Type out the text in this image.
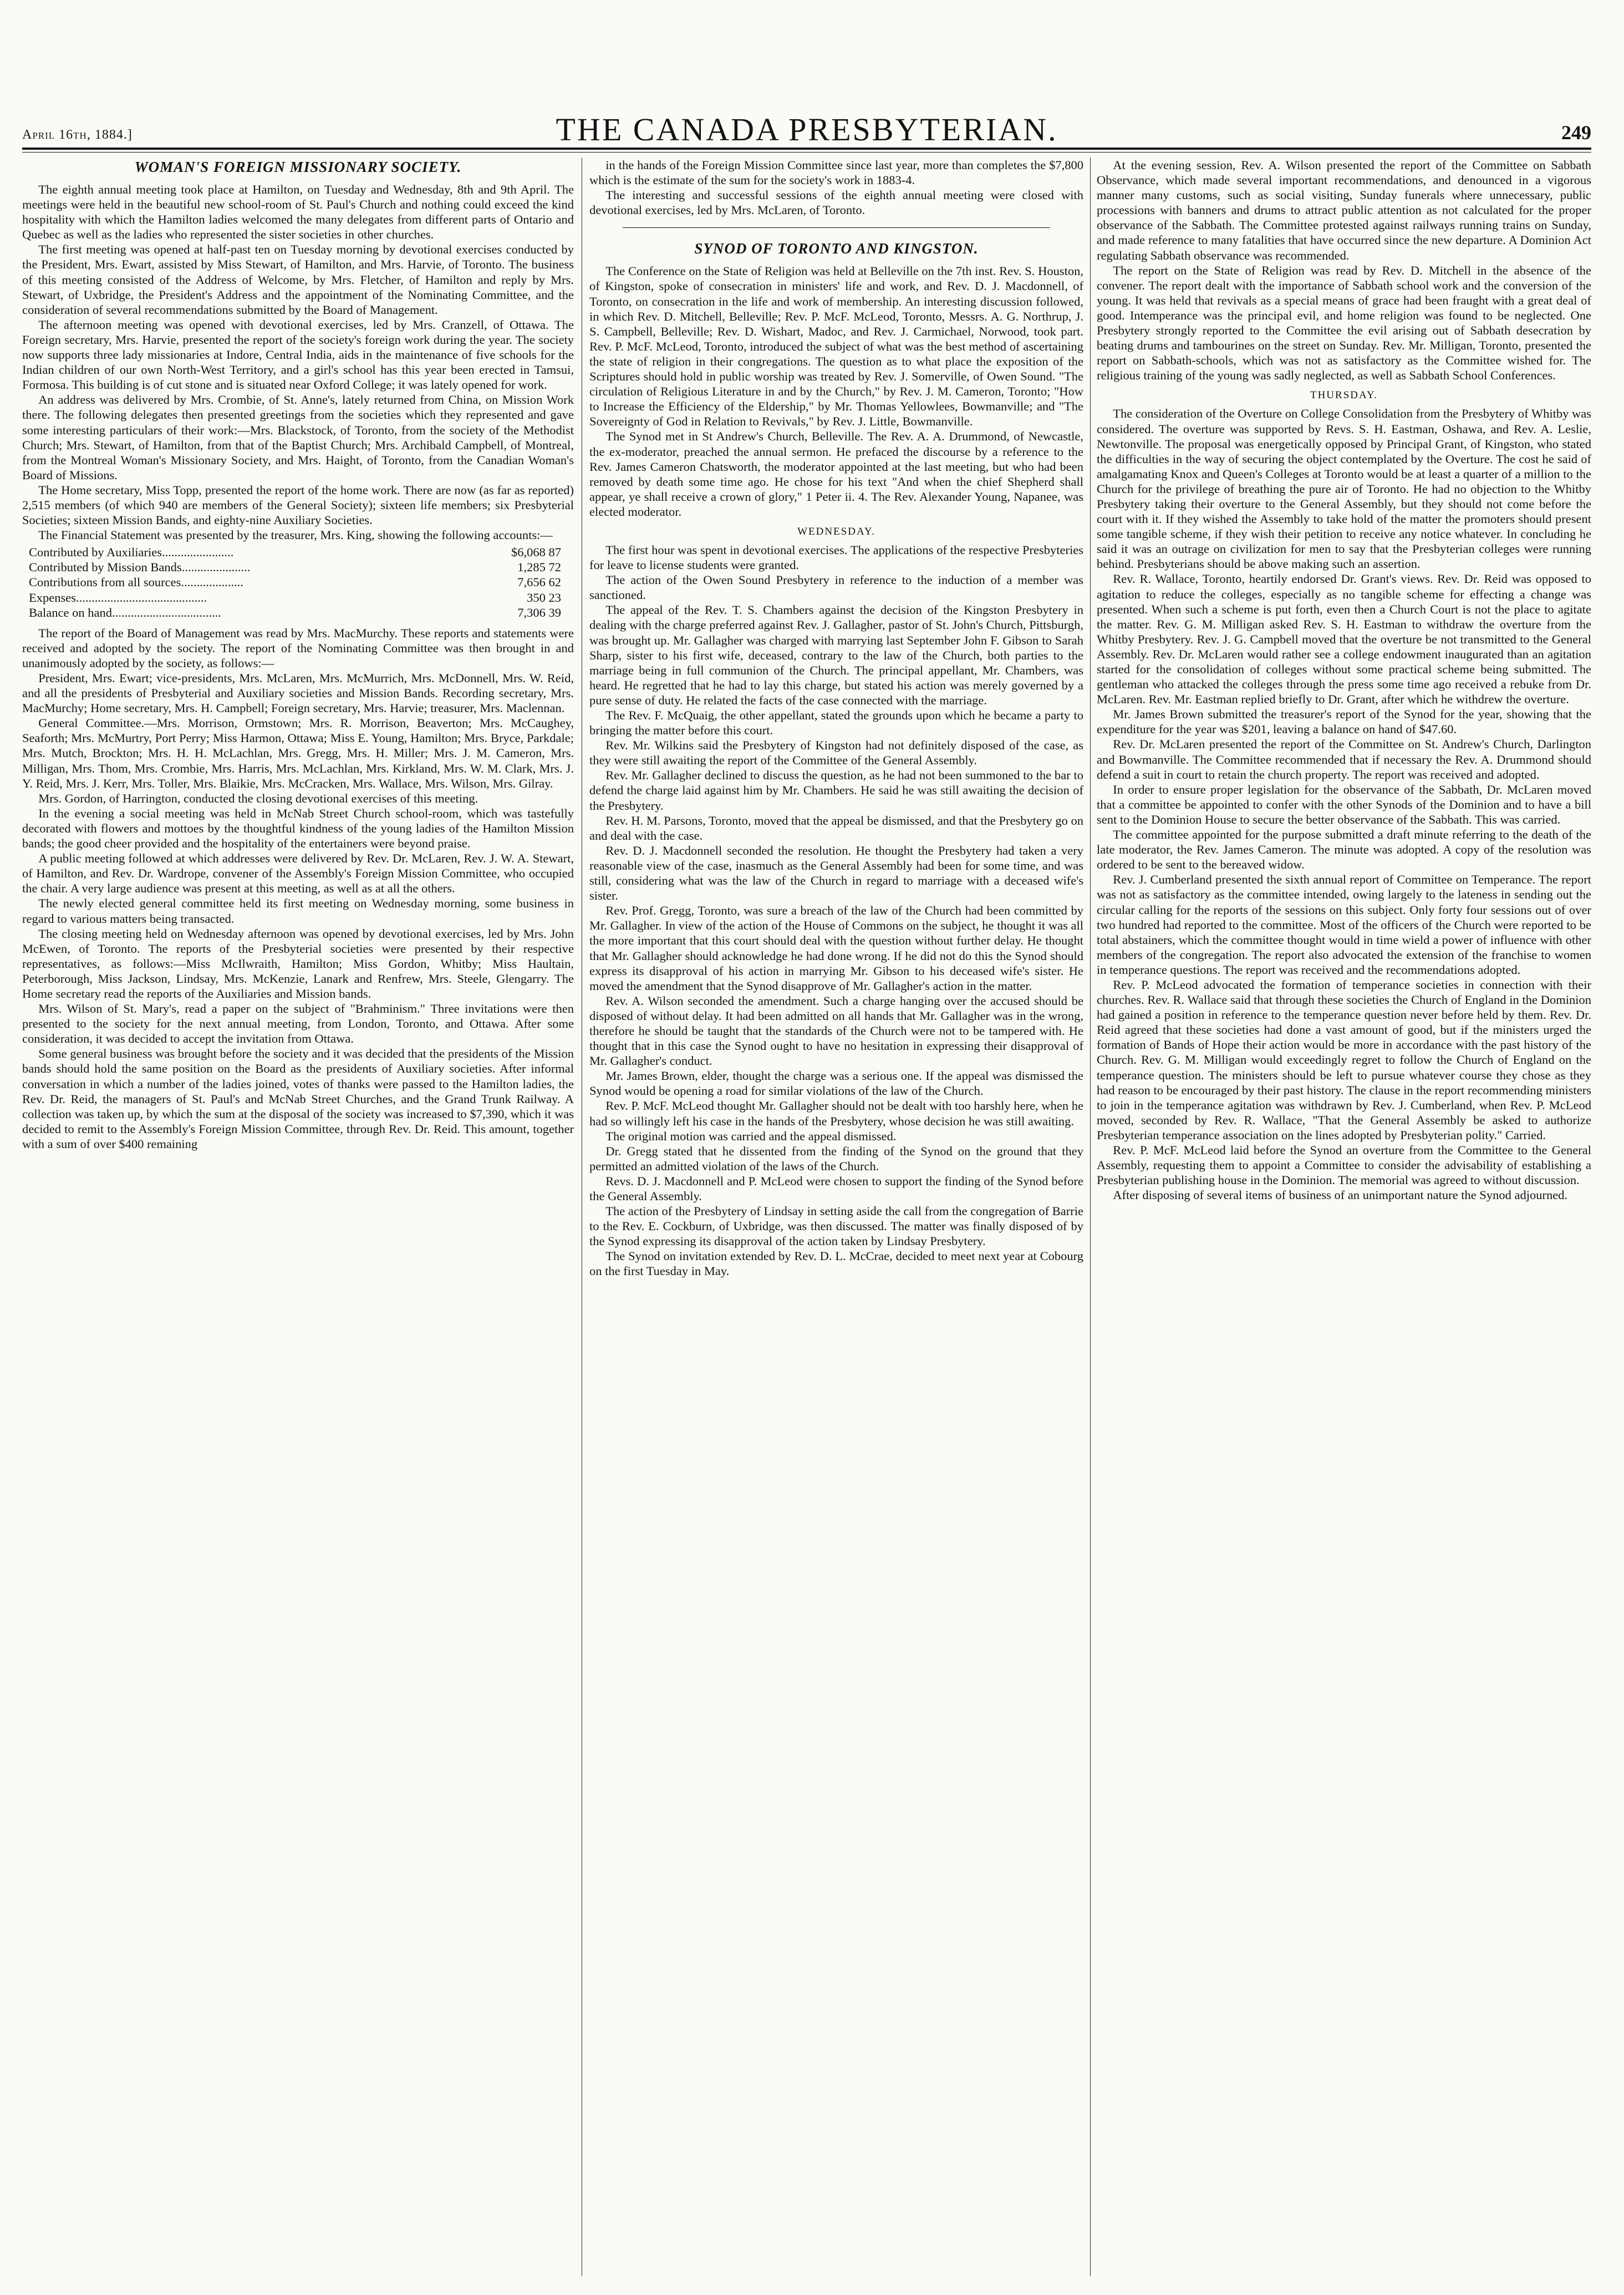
April 16th, 1884.]	THE CANADA PRESBYTERIAN.	249
WOMAN'S FOREIGN MISSIONARY SOCIETY.

The eighth annual meeting took place at Hamilton, on Tuesday and Wednesday, 8th and 9th April. The meetings were held in the beautiful new school-room of St. Paul's Church and nothing could exceed the kind hospitality with which the Hamilton ladies welcomed the many delegates from different parts of Ontario and Quebec as well as the ladies who represented the sister societies in other churches.

The first meeting was opened at half-past ten on Tuesday morning by devotional exercises conducted by the President, Mrs. Ewart, assisted by Miss Stewart, of Hamilton, and Mrs. Harvie, of Toronto. The business of this meeting consisted of the Address of Welcome, by Mrs. Fletcher, of Hamilton and reply by Mrs. Stewart, of Uxbridge, the President's Address and the appointment of the Nominating Committee, and the consideration of several recommendations submitted by the Board of Management.

The afternoon meeting was opened with devotional exercises, led by Mrs. Cranzell, of Ottawa. The Foreign secretary, Mrs. Harvie, presented the report of the society's foreign work during the year. The society now supports three lady missionaries at Indore, Central India, aids in the maintenance of five schools for the Indian children of our own North-West Territory, and a girl's school has this year been erected in Tamsui, Formosa. This building is of cut stone and is situated near Oxford College; it was lately opened for work.

An address was delivered by Mrs. Crombie, of St. Anne's, lately returned from China, on Mission Work there. The following delegates then presented greetings from the societies which they represented and gave some interesting particulars of their work:—Mrs. Blackstock, of Toronto, from the society of the Methodist Church; Mrs. Stewart, of Hamilton, from that of the Baptist Church; Mrs. Archibald Campbell, of Montreal, from the Montreal Woman's Missionary Society, and Mrs. Haight, of Toronto, from the Canadian Woman's Board of Missions.

The Home secretary, Miss Topp, presented the report of the home work. There are now (as far as reported) 2,515 members (of which 940 are members of the General Society); sixteen life members; six Presbyterial Societies; sixteen Mission Bands, and eighty-nine Auxiliary Societies.

The Financial Statement was presented by the treasurer, Mrs. King, showing the following accounts:—

Contributed by Auxiliaries.......................	$6,068 87
Contributed by Mission Bands......................	1,285 72
Contributions from all sources....................	7,656 62
Expenses..........................................	350 23
Balance on hand...................................	7,306 39

The report of the Board of Management was read by Mrs. MacMurchy. These reports and statements were received and adopted by the society. The report of the Nominating Committee was then brought in and unanimously adopted by the society, as follows:—

President, Mrs. Ewart; vice-presidents, Mrs. McLaren, Mrs. McMurrich, Mrs. McDonnell, Mrs. W. Reid, and all the presidents of Presbyterial and Auxiliary societies and Mission Bands. Recording secretary, Mrs. MacMurchy; Home secretary, Mrs. H. Campbell; Foreign secretary, Mrs. Harvie; treasurer, Mrs. Maclennan.

General Committee.—Mrs. Morrison, Ormstown; Mrs. R. Morrison, Beaverton; Mrs. McCaughey, Seaforth; Mrs. McMurtry, Port Perry; Miss Harmon, Ottawa; Miss E. Young, Hamilton; Mrs. Bryce, Parkdale; Mrs. Mutch, Brockton; Mrs. H. H. McLachlan, Mrs. Gregg, Mrs. H. Miller; Mrs. J. M. Cameron, Mrs. Milligan, Mrs. Thom, Mrs. Crombie, Mrs. Harris, Mrs. McLachlan, Mrs. Kirkland, Mrs. W. M. Clark, Mrs. J. Y. Reid, Mrs. J. Kerr, Mrs. Toller, Mrs. Blaikie, Mrs. McCracken, Mrs. Wallace, Mrs. Wilson, Mrs. Gilray.

Mrs. Gordon, of Harrington, conducted the closing devotional exercises of this meeting.

In the evening a social meeting was held in McNab Street Church school-room, which was tastefully decorated with flowers and mottoes by the thoughtful kindness of the young ladies of the Hamilton Mission bands; the good cheer provided and the hospitality of the entertainers were beyond praise.

A public meeting followed at which addresses were delivered by Rev. Dr. McLaren, Rev. J. W. A. Stewart, of Hamilton, and Rev. Dr. Wardrope, convener of the Assembly's Foreign Mission Committee, who occupied the chair. A very large audience was present at this meeting, as well as at all the others.

The newly elected general committee held its first meeting on Wednesday morning, some business in regard to various matters being transacted.

The closing meeting held on Wednesday afternoon was opened by devotional exercises, led by Mrs. John McEwen, of Toronto. The reports of the Presbyterial societies were presented by their respective representatives, as follows:—Miss McIlwraith, Hamilton; Miss Gordon, Whitby; Miss Haultain, Peterborough, Miss Jackson, Lindsay, Mrs. McKenzie, Lanark and Renfrew, Mrs. Steele, Glengarry. The Home secretary read the reports of the Auxiliaries and Mission bands.

Mrs. Wilson of St. Mary's, read a paper on the subject of "Brahminism." Three invitations were then presented to the society for the next annual meeting, from London, Toronto, and Ottawa. After some consideration, it was decided to accept the invitation from Ottawa.

Some general business was brought before the society and it was decided that the presidents of the Mission bands should hold the same position on the Board as the presidents of Auxiliary societies. After informal conversation in which a number of the ladies joined, votes of thanks were passed to the Hamilton ladies, the Rev. Dr. Reid, the managers of St. Paul's and McNab Street Churches, and the Grand Trunk Railway. A collection was taken up, by which the sum at the disposal of the society was increased to $7,390, which it was decided to remit to the Assembly's Foreign Mission Committee, through Rev. Dr. Reid. This amount, together with a sum of over $400 remaining

in the hands of the Foreign Mission Committee since last year, more than completes the $7,800 which is the estimate of the sum for the society's work in 1883-4.

The interesting and successful sessions of the eighth annual meeting were closed with devotional exercises, led by Mrs. McLaren, of Toronto.

SYNOD OF TORONTO AND KINGSTON.

The Conference on the State of Religion was held at Belleville on the 7th inst. Rev. S. Houston, of Kingston, spoke of consecration in ministers' life and work, and Rev. D. J. Macdonnell, of Toronto, on consecration in the life and work of membership. An interesting discussion followed, in which Rev. D. Mitchell, Belleville; Rev. P. McF. McLeod, Toronto, Messrs. A. G. Northrup, J. S. Campbell, Belleville; Rev. D. Wishart, Madoc, and Rev. J. Carmichael, Norwood, took part. Rev. P. McF. McLeod, Toronto, introduced the subject of what was the best method of ascertaining the state of religion in their congregations. The question as to what place the exposition of the Scriptures should hold in public worship was treated by Rev. J. Somerville, of Owen Sound. "The circulation of Religious Literature in and by the Church," by Rev. J. M. Cameron, Toronto; "How to Increase the Efficiency of the Eldership," by Mr. Thomas Yellowlees, Bowmanville; and "The Sovereignty of God in Relation to Revivals," by Rev. J. Little, Bowmanville.

The Synod met in St Andrew's Church, Belleville. The Rev. A. A. Drummond, of Newcastle, the ex-moderator, preached the annual sermon. He prefaced the discourse by a reference to the Rev. James Cameron Chatsworth, the moderator appointed at the last meeting, but who had been removed by death some time ago. He chose for his text "And when the chief Shepherd shall appear, ye shall receive a crown of glory," 1 Peter ii. 4. The Rev. Alexander Young, Napanee, was elected moderator.

WEDNESDAY.

The first hour was spent in devotional exercises. The applications of the respective Presbyteries for leave to license students were granted.

The action of the Owen Sound Presbytery in reference to the induction of a member was sanctioned.

The appeal of the Rev. T. S. Chambers against the decision of the Kingston Presbytery in dealing with the charge preferred against Rev. J. Gallagher, pastor of St. John's Church, Pittsburgh, was brought up. Mr. Gallagher was charged with marrying last September John F. Gibson to Sarah Sharp, sister to his first wife, deceased, contrary to the law of the Church, both parties to the marriage being in full communion of the Church. The principal appellant, Mr. Chambers, was heard. He regretted that he had to lay this charge, but stated his action was merely governed by a pure sense of duty. He related the facts of the case connected with the marriage.

The Rev. F. McQuaig, the other appellant, stated the grounds upon which he became a party to bringing the matter before this court.

Rev. Mr. Wilkins said the Presbytery of Kingston had not definitely disposed of the case, as they were still awaiting the report of the Committee of the General Assembly.

Rev. Mr. Gallagher declined to discuss the question, as he had not been summoned to the bar to defend the charge laid against him by Mr. Chambers. He said he was still awaiting the decision of the Presbytery.

Rev. H. M. Parsons, Toronto, moved that the appeal be dismissed, and that the Presbytery go on and deal with the case.

Rev. D. J. Macdonnell seconded the resolution. He thought the Presbytery had taken a very reasonable view of the case, inasmuch as the General Assembly had been for some time, and was still, considering what was the law of the Church in regard to marriage with a deceased wife's sister.

Rev. Prof. Gregg, Toronto, was sure a breach of the law of the Church had been committed by Mr. Gallagher. In view of the action of the House of Commons on the subject, he thought it was all the more important that this court should deal with the question without further delay. He thought that Mr. Gallagher should acknowledge he had done wrong. If he did not do this the Synod should express its disapproval of his action in marrying Mr. Gibson to his deceased wife's sister. He moved the amendment that the Synod disapprove of Mr. Gallagher's action in the matter.

Rev. A. Wilson seconded the amendment. Such a charge hanging over the accused should be disposed of without delay. It had been admitted on all hands that Mr. Gallagher was in the wrong, therefore he should be taught that the standards of the Church were not to be tampered with. He thought that in this case the Synod ought to have no hesitation in expressing their disapproval of Mr. Gallagher's conduct.

Mr. James Brown, elder, thought the charge was a serious one. If the appeal was dismissed the Synod would be opening a road for similar violations of the law of the Church.

Rev. P. McF. McLeod thought Mr. Gallagher should not be dealt with too harshly here, when he had so willingly left his case in the hands of the Presbytery, whose decision he was still awaiting.

The original motion was carried and the appeal dismissed.

Dr. Gregg stated that he dissented from the finding of the Synod on the ground that they permitted an admitted violation of the laws of the Church.

Revs. D. J. Macdonnell and P. McLeod were chosen to support the finding of the Synod before the General Assembly.

The action of the Presbytery of Lindsay in setting aside the call from the congregation of Barrie to the Rev. E. Cockburn, of Uxbridge, was then discussed. The matter was finally disposed of by the Synod expressing its disapproval of the action taken by Lindsay Presbytery.

The Synod on invitation extended by Rev. D. L. McCrae, decided to meet next year at Cobourg on the first Tuesday in May.

At the evening session, Rev. A. Wilson presented the report of the Committee on Sabbath Observance, which made several important recommendations, and denounced in a vigorous manner many customs, such as social visiting, Sunday funerals where unnecessary, public processions with banners and drums to attract public attention as not calculated for the proper observance of the Sabbath. The Committee protested against railways running trains on Sunday, and made reference to many fatalities that have occurred since the new departure. A Dominion Act regulating Sabbath observance was recommended.

The report on the State of Religion was read by Rev. D. Mitchell in the absence of the convener. The report dealt with the importance of Sabbath school work and the conversion of the young. It was held that revivals as a special means of grace had been fraught with a great deal of good. Intemperance was the principal evil, and home religion was found to be neglected. One Presbytery strongly reported to the Committee the evil arising out of Sabbath desecration by beating drums and tambourines on the street on Sunday. Rev. Mr. Milligan, Toronto, presented the report on Sabbath-schools, which was not as satisfactory as the Committee wished for. The religious training of the young was sadly neglected, as well as Sabbath School Conferences.

THURSDAY.

The consideration of the Overture on College Consolidation from the Presbytery of Whitby was considered. The overture was supported by Revs. S. H. Eastman, Oshawa, and Rev. A. Leslie, Newtonville. The proposal was energetically opposed by Principal Grant, of Kingston, who stated the difficulties in the way of securing the object contemplated by the Overture. The cost he said of amalgamating Knox and Queen's Colleges at Toronto would be at least a quarter of a million to the Church for the privilege of breathing the pure air of Toronto. He had no objection to the Whitby Presbytery taking their overture to the General Assembly, but they should not come before the court with it. If they wished the Assembly to take hold of the matter the promoters should present some tangible scheme, if they wish their petition to receive any notice whatever. In concluding he said it was an outrage on civilization for men to say that the Presbyterian colleges were running behind. Presbyterians should be above making such an assertion.

Rev. R. Wallace, Toronto, heartily endorsed Dr. Grant's views. Rev. Dr. Reid was opposed to agitation to reduce the colleges, especially as no tangible scheme for effecting a change was presented. When such a scheme is put forth, even then a Church Court is not the place to agitate the matter. Rev. G. M. Milligan asked Rev. S. H. Eastman to withdraw the overture from the Whitby Presbytery. Rev. J. G. Campbell moved that the overture be not transmitted to the General Assembly. Rev. Dr. McLaren would rather see a college endowment inaugurated than an agitation started for the consolidation of colleges without some practical scheme being submitted. The gentleman who attacked the colleges through the press some time ago received a rebuke from Dr. McLaren. Rev. Mr. Eastman replied briefly to Dr. Grant, after which he withdrew the overture.

Mr. James Brown submitted the treasurer's report of the Synod for the year, showing that the expenditure for the year was $201, leaving a balance on hand of $47.60.

Rev. Dr. McLaren presented the report of the Committee on St. Andrew's Church, Darlington and Bowmanville. The Committee recommended that if necessary the Rev. A. Drummond should defend a suit in court to retain the church property. The report was received and adopted.

In order to ensure proper legislation for the observance of the Sabbath, Dr. McLaren moved that a committee be appointed to confer with the other Synods of the Dominion and to have a bill sent to the Dominion House to secure the better observance of the Sabbath. This was carried.

The committee appointed for the purpose submitted a draft minute referring to the death of the late moderator, the Rev. James Cameron. The minute was adopted. A copy of the resolution was ordered to be sent to the bereaved widow.

Rev. J. Cumberland presented the sixth annual report of Committee on Temperance. The report was not as satisfactory as the committee intended, owing largely to the lateness in sending out the circular calling for the reports of the sessions on this subject. Only forty four sessions out of over two hundred had reported to the committee. Most of the officers of the Church were reported to be total abstainers, which the committee thought would in time wield a power of influence with other members of the congregation. The report also advocated the extension of the franchise to women in temperance questions. The report was received and the recommendations adopted.

Rev. P. McLeod advocated the formation of temperance societies in connection with their churches. Rev. R. Wallace said that through these societies the Church of England in the Dominion had gained a position in reference to the temperance question never before held by them. Rev. Dr. Reid agreed that these societies had done a vast amount of good, but if the ministers urged the formation of Bands of Hope their action would be more in accordance with the past history of the Church. Rev. G. M. Milligan would exceedingly regret to follow the Church of England on the temperance question. The ministers should be left to pursue whatever course they chose as they had reason to be encouraged by their past history. The clause in the report recommending ministers to join in the temperance agitation was withdrawn by Rev. J. Cumberland, when Rev. P. McLeod moved, seconded by Rev. R. Wallace, "That the General Assembly be asked to authorize Presbyterian temperance association on the lines adopted by Presbyterian polity." Carried.

Rev. P. McF. McLeod laid before the Synod an overture from the Committee to the General Assembly, requesting them to appoint a Committee to consider the advisability of establishing a Presbyterian publishing house in the Dominion. The memorial was agreed to without discussion.

After disposing of several items of business of an unimportant nature the Synod adjourned.
